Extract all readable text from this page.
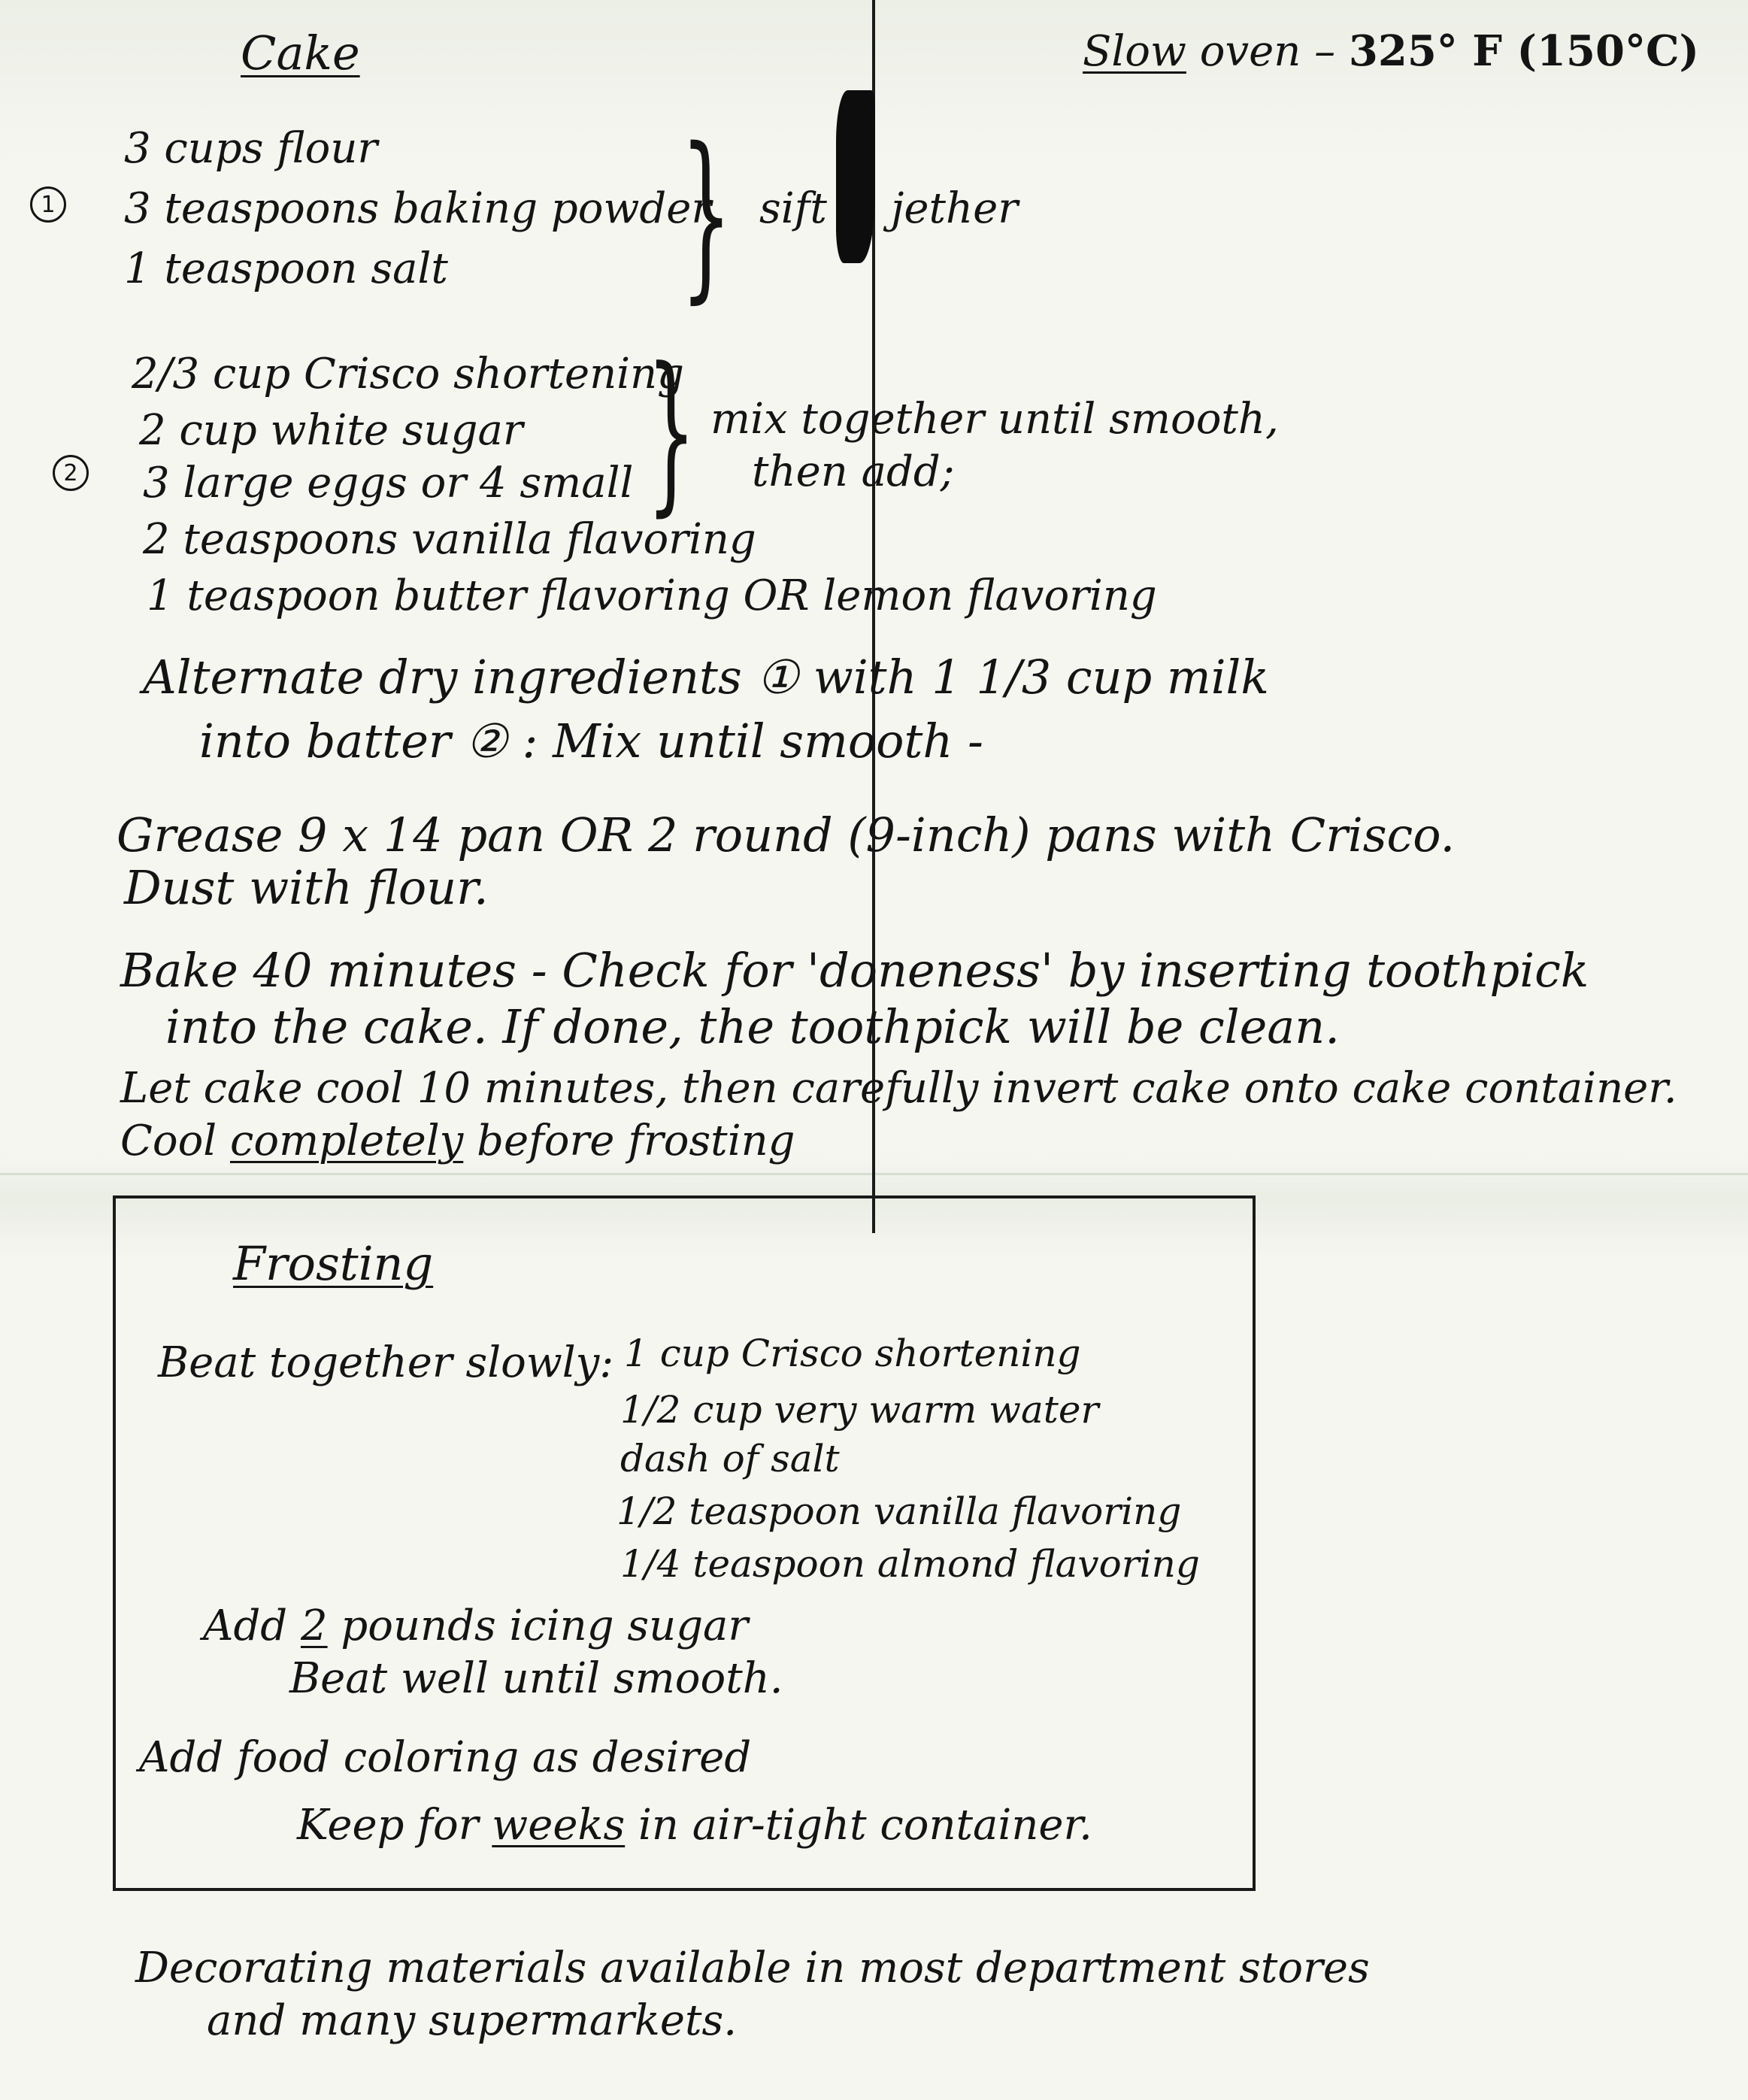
Cake	Slow oven – 325° F (150°C)
1
3 cups flour
3 teaspoons baking powder
1 teaspoon salt } sift jether
2
2/3 cup Crisco shortening
2 cup white sugar
3 large eggs or 4 small } mix together until smooth,
then add;
2 teaspoons vanilla flavoring
1 teaspoon butter flavoring OR lemon flavoring
Alternate dry ingredients ① with 1 1/3 cup milk
into batter ② : Mix until smooth -
Grease 9 x 14 pan OR 2 round (9-inch) pans with Crisco.
Dust with flour.
Bake 40 minutes - Check for 'doneness' by inserting toothpick
into the cake. If done, the toothpick will be clean.
Let cake cool 10 minutes, then carefully invert cake onto cake container.
Cool completely before frosting
Frosting
Beat together slowly: 1 cup Crisco shortening
1/2 cup very warm water
dash of salt
1/2 teaspoon vanilla flavoring
1/4 teaspoon almond flavoring
Add 2 pounds icing sugar
Beat well until smooth.
Add food coloring as desired
Keep for weeks in air-tight container.
Decorating materials available in most department stores
and many supermarkets.
